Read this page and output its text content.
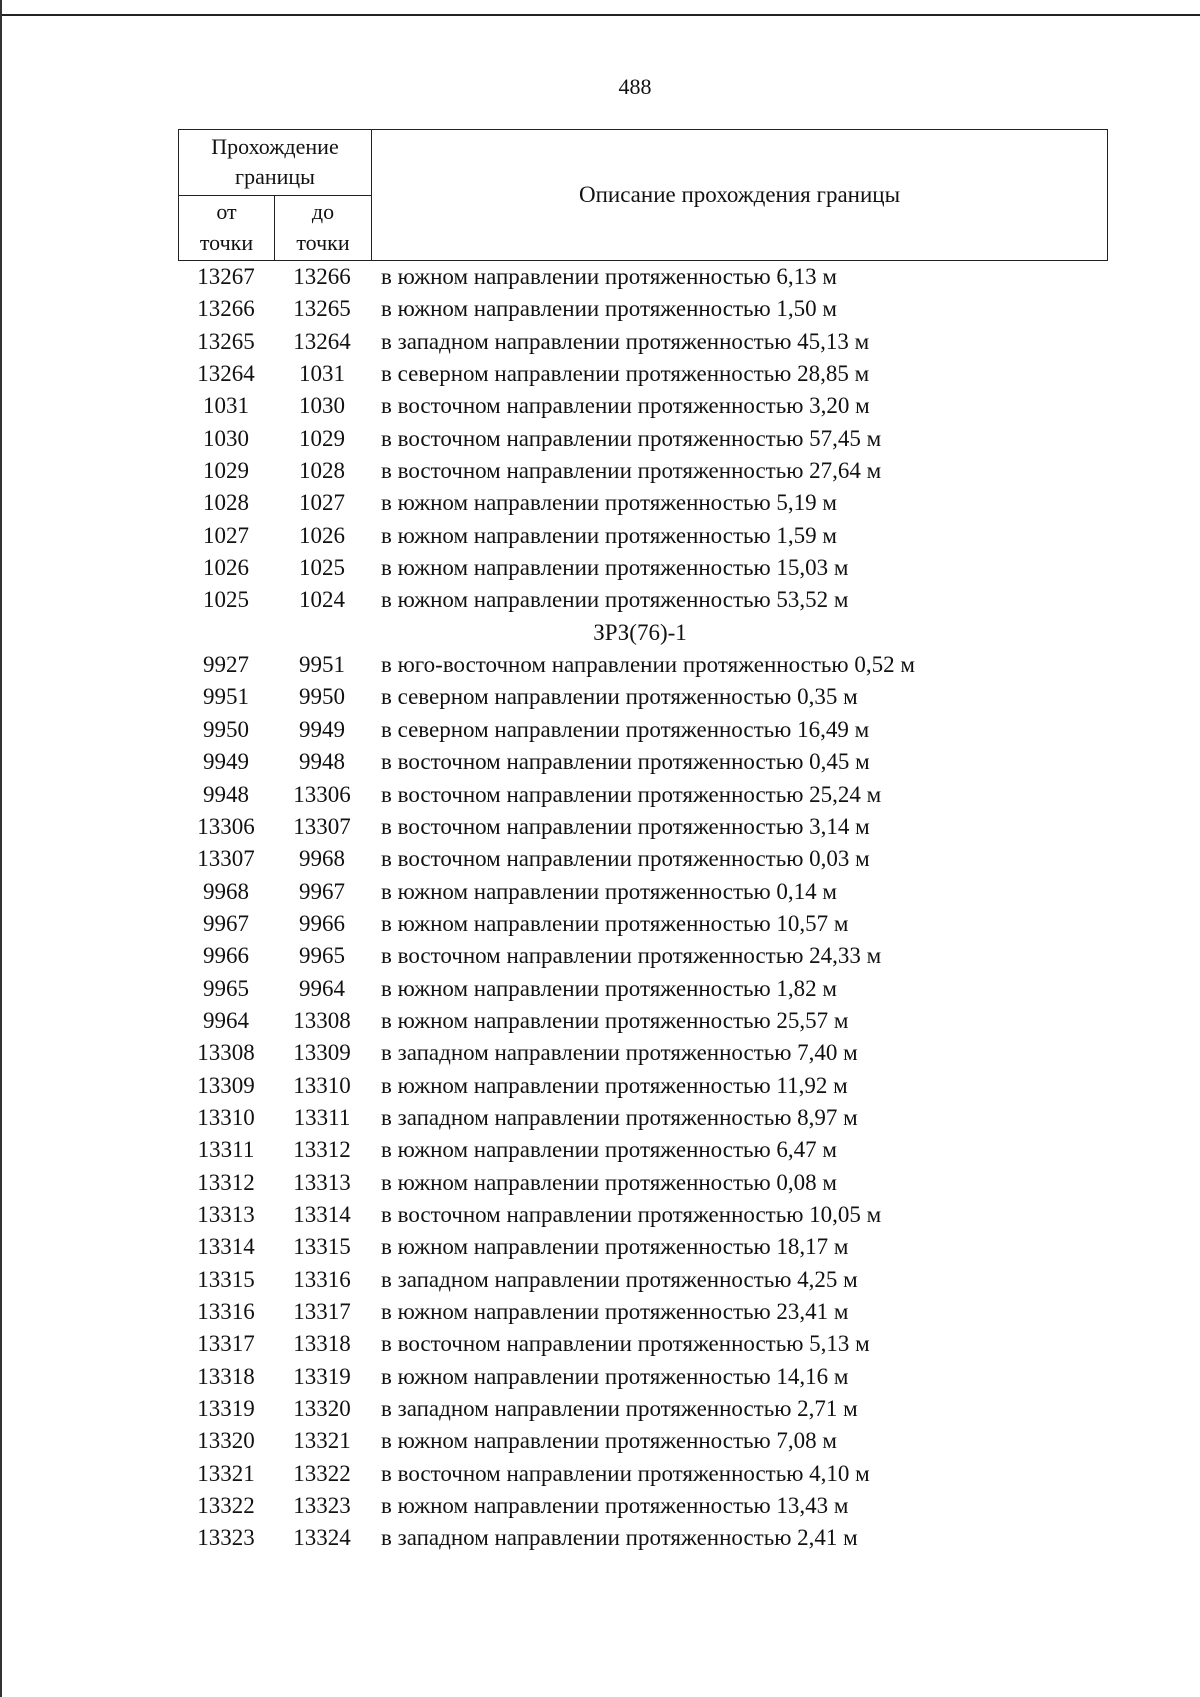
488
Прохождение
границы
от
точки
до
точки
Описание прохождения границы
13267	13266	в южном направлении протяженностью 6,13 м
13266	13265	в южном направлении протяженностью 1,50 м
13265	13264	в западном направлении протяженностью 45,13 м
13264	1031	в северном направлении протяженностью 28,85 м
1031	1030	в восточном направлении протяженностью 3,20 м
1030	1029	в восточном направлении протяженностью 57,45 м
1029	1028	в восточном направлении протяженностью 27,64 м
1028	1027	в южном направлении протяженностью 5,19 м
1027	1026	в южном направлении протяженностью 1,59 м
1026	1025	в южном направлении протяженностью 15,03 м
1025	1024	в южном направлении протяженностью 53,52 м
ЗРЗ(76)-1
9927	9951	в юго-восточном направлении протяженностью 0,52 м
9951	9950	в северном направлении протяженностью 0,35 м
9950	9949	в северном направлении протяженностью 16,49 м
9949	9948	в восточном направлении протяженностью 0,45 м
9948	13306	в восточном направлении протяженностью 25,24 м
13306	13307	в восточном направлении протяженностью 3,14 м
13307	9968	в восточном направлении протяженностью 0,03 м
9968	9967	в южном направлении протяженностью 0,14 м
9967	9966	в южном направлении протяженностью 10,57 м
9966	9965	в восточном направлении протяженностью 24,33 м
9965	9964	в южном направлении протяженностью 1,82 м
9964	13308	в южном направлении протяженностью 25,57 м
13308	13309	в западном направлении протяженностью 7,40 м
13309	13310	в южном направлении протяженностью 11,92 м
13310	13311	в западном направлении протяженностью 8,97 м
13311	13312	в южном направлении протяженностью 6,47 м
13312	13313	в южном направлении протяженностью 0,08 м
13313	13314	в восточном направлении протяженностью 10,05 м
13314	13315	в южном направлении протяженностью 18,17 м
13315	13316	в западном направлении протяженностью 4,25 м
13316	13317	в южном направлении протяженностью 23,41 м
13317	13318	в восточном направлении протяженностью 5,13 м
13318	13319	в южном направлении протяженностью 14,16 м
13319	13320	в западном направлении протяженностью 2,71 м
13320	13321	в южном направлении протяженностью 7,08 м
13321	13322	в восточном направлении протяженностью 4,10 м
13322	13323	в южном направлении протяженностью 13,43 м
13323	13324	в западном направлении протяженностью 2,41 м
